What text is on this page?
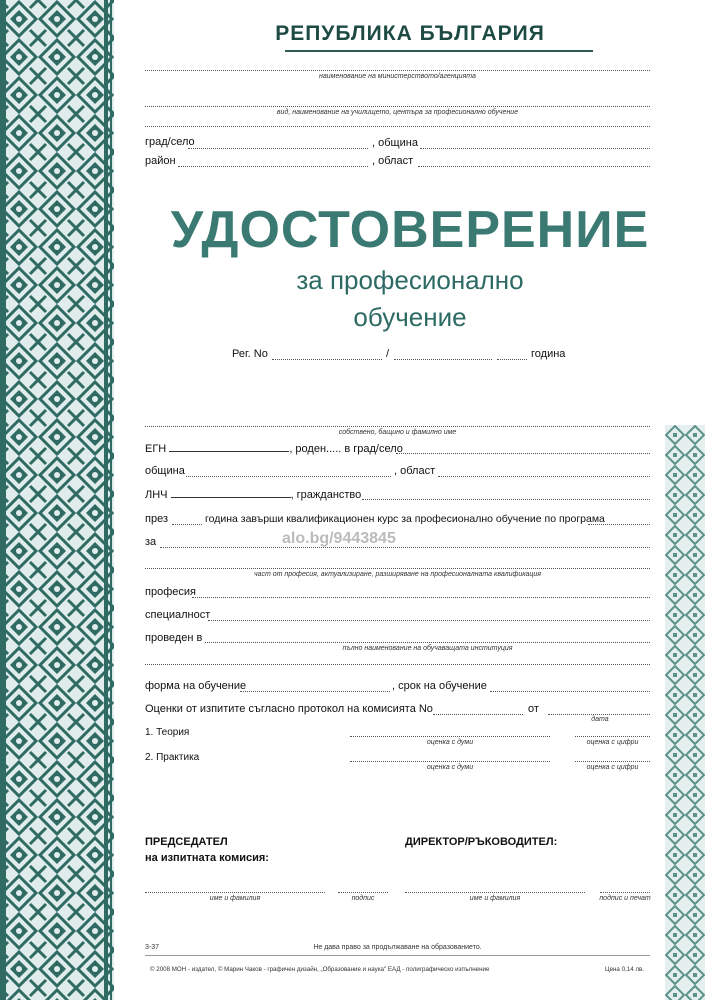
РЕПУБЛИКА БЪЛГАРИЯ
наименование на министерството/агенцията
вид, наименование на училището, центъра за професионално обучение
град/село	, община
район	, област
УДОСТОВЕРЕНИЕ
за професионално
обучение
Рег. No	/	година
собствено, бащино и фамилно име
ЕГН	, роден..... в град/село
община	, област
ЛНЧ	, гражданство
през	година завърши квалификационен курс за професионално обучение по програма
за	alo.bg/9443845
част от професия, актуализиране, разширяване на професионалната квалификация
професия
специалност
проведен в
пълно наименование на обучаващата институция
форма на обучение	, срок на обучение
Оценки от изпитите съгласно протокол на комисията No	от
дата
1. Теория
оценка с думи	оценка с цифри
2. Практика
оценка с думи	оценка с цифри
ПРЕДСЕДАТЕЛ
на изпитната комисия:
ДИРЕКТОР/РЪКОВОДИТЕЛ:
име и фамилия	подпис	име и фамилия	подпис и печат
3-37	Не дава право за продължаване на образованието.
© 2008 МОН - издател, © Марин Чаков - графичен дизайн, „Образование и наука" ЕАД - полиграфическо изпълнение	Цена 0,14 лв.
